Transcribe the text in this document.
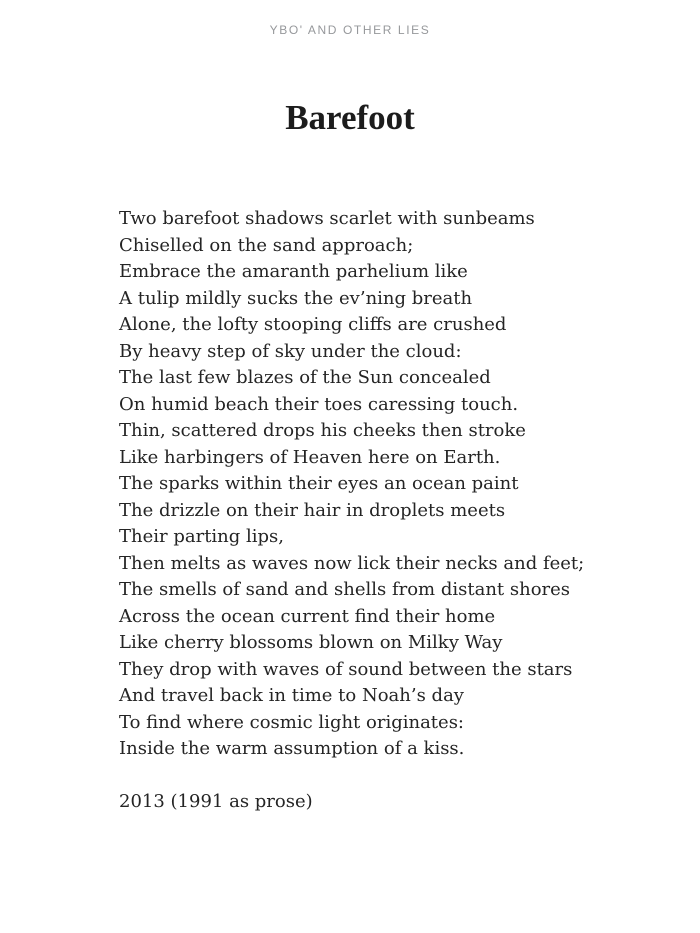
YBO' AND OTHER LIES
Barefoot
Two barefoot shadows scarlet with sunbeams
Chiselled on the sand approach;
Embrace the amaranth parhelium like
A tulip mildly sucks the ev’ning breath
Alone, the lofty stooping cliffs are crushed
By heavy step of sky under the cloud:
The last few blazes of the Sun concealed
On humid beach their toes caressing touch.
Thin, scattered drops his cheeks then stroke
Like harbingers of Heaven here on Earth.
The sparks within their eyes an ocean paint
The drizzle on their hair in droplets meets
Their parting lips,
Then melts as waves now lick their necks and feet;
The smells of sand and shells from distant shores
Across the ocean current find their home
Like cherry blossoms blown on Milky Way
They drop with waves of sound between the stars
And travel back in time to Noah’s day
To find where cosmic light originates:
Inside the warm assumption of a kiss.
2013 (1991 as prose)
